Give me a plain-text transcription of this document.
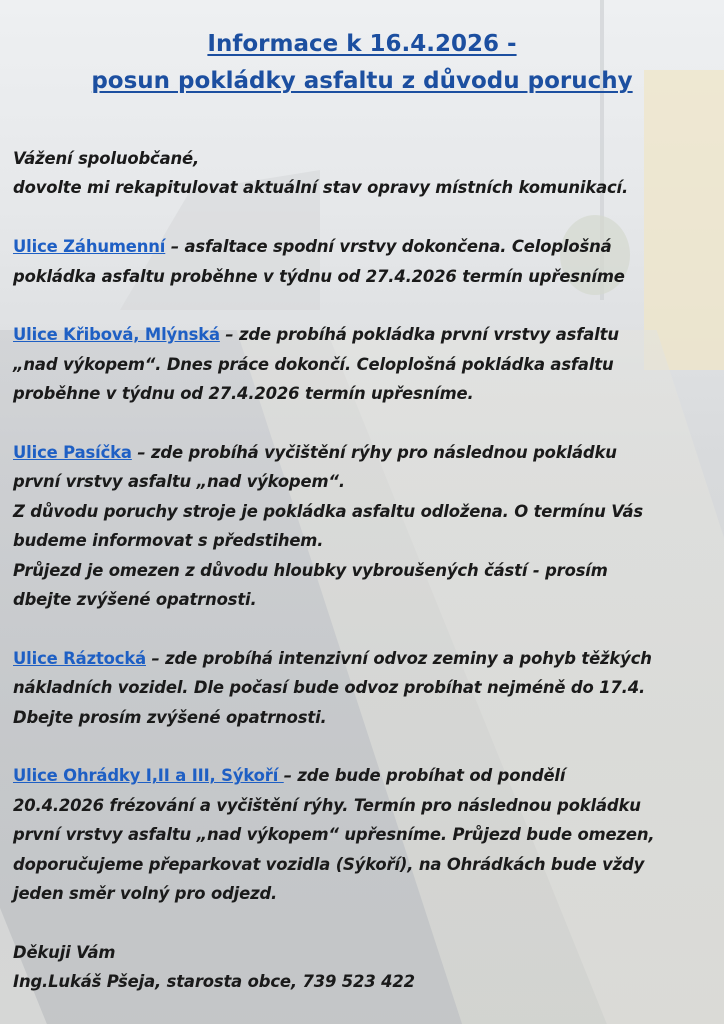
Informace k 16.4.2026 -
posun pokládky asfaltu z důvodu poruchy
Vážení spoluobčané,
dovolte mi rekapitulovat aktuální stav opravy místních komunikací.
Ulice Záhumenní – asfaltace spodní vrstvy dokončena. Celoplošná
pokládka asfaltu proběhne v týdnu od 27.4.2026 termín upřesníme
Ulice Křibová, Mlýnská – zde probíhá pokládka první vrstvy asfaltu
„nad výkopem“. Dnes práce dokončí. Celoplošná pokládka asfaltu
proběhne v týdnu od 27.4.2026 termín upřesníme.
Ulice Pasíčka – zde probíhá vyčištění rýhy pro následnou pokládku
první vrstvy asfaltu „nad výkopem“.
Z důvodu poruchy stroje je pokládka asfaltu odložena. O termínu Vás
budeme informovat s předstihem.
Průjezd je omezen z důvodu hloubky vybroušených částí - prosím
dbejte zvýšené opatrnosti.
Ulice Ráztocká – zde probíhá intenzivní odvoz zeminy a pohyb těžkých
nákladních vozidel. Dle počasí bude odvoz probíhat nejméně do 17.4.
Dbejte prosím zvýšené opatrnosti.
Ulice Ohrádky I,II a III, Sýkoří – zde bude probíhat od pondělí
20.4.2026 frézování a vyčištění rýhy. Termín pro následnou pokládku
první vrstvy asfaltu „nad výkopem“ upřesníme. Průjezd bude omezen,
doporučujeme přeparkovat vozidla (Sýkoří), na Ohrádkách bude vždy
jeden směr volný pro odjezd.
Děkuji Vám
Ing.Lukáš Pšeja, starosta obce, 739 523 422
